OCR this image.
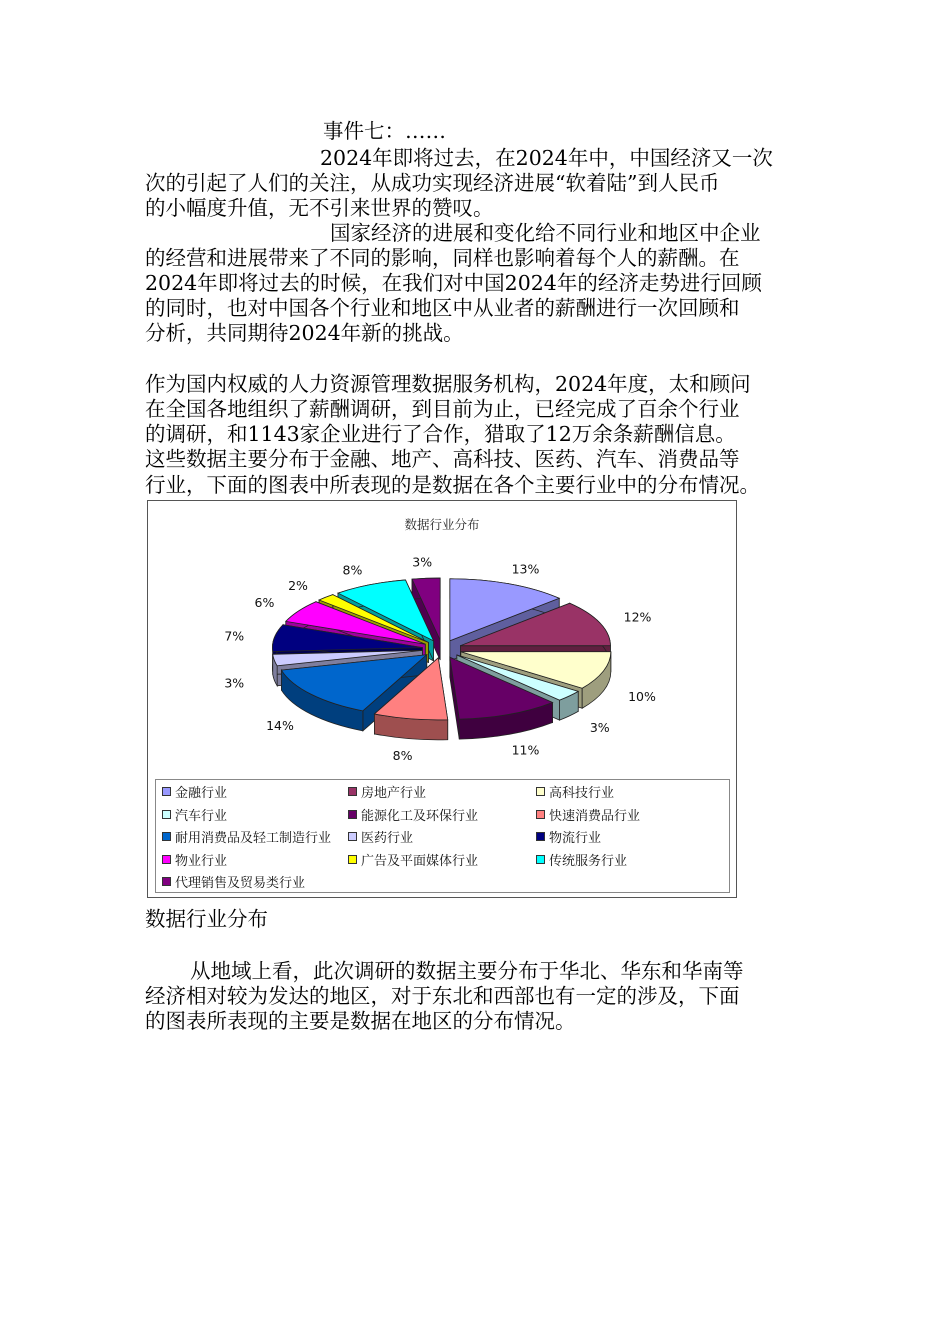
事件七：……
2024年即将过去，在2024年中，中国经济又一次
次的引起了人们的关注，从成功实现经济进展“软着陆”到人民币
的小幅度升值，无不引来世界的赞叹。
国家经济的进展和变化给不同行业和地区中企业
的经营和进展带来了不同的影响，同样也影响着每个人的薪酬。在
2024年即将过去的时候，在我们对中国2024年的经济走势进行回顾
的同时，也对中国各个行业和地区中从业者的薪酬进行一次回顾和
分析，共同期待2024年新的挑战。
作为国内权威的人力资源管理数据服务机构，2024年度，太和顾问
在全国各地组织了薪酬调研，到目前为止，已经完成了百余个行业
的调研，和1143家企业进行了合作，猎取了12万余条薪酬信息。
这些数据主要分布于金融、地产、高科技、医药、汽车、消费品等
行业，下面的图表中所表现的是数据在各个主要行业中的分布情况。
数据行业分布
13%
12%
10%
3%
11%
8%
14%
3%
7%
6%
2%
8%
3%
金融行业	房地产行业	高科技行业
汽车行业	能源化工及环保行业	快速消费品行业
耐用消费品及轻工制造行业	医药行业	物流行业
物业行业	广告及平面媒体行业	传统服务行业
代理销售及贸易类行业
数据行业分布
从地域上看，此次调研的数据主要分布于华北、华东和华南等
经济相对较为发达的地区，对于东北和西部也有一定的涉及，下面
的图表所表现的主要是数据在地区的分布情况。
